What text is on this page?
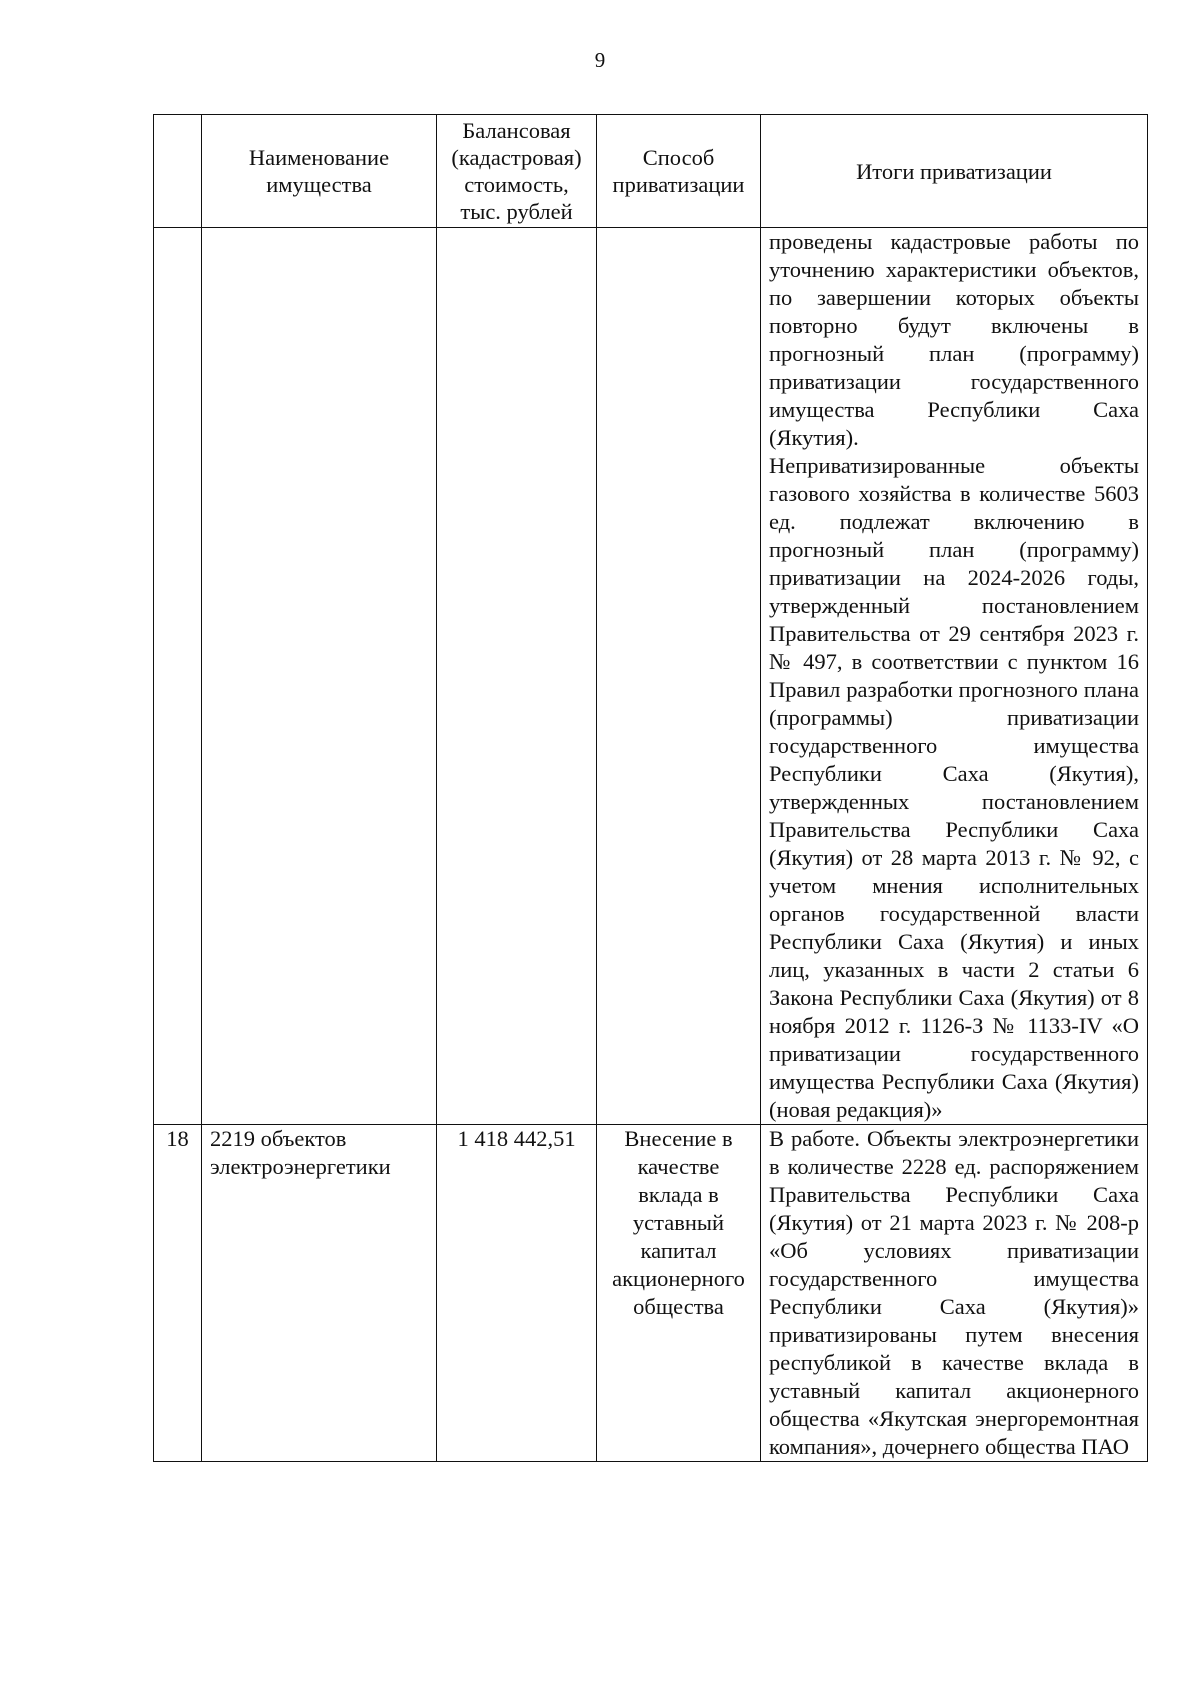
9
	Наименование имущества	Балансовая (кадастровая) стоимость, тыс. рублей	Способ приватизации	Итоги приватизации

				проведены кадастровые работы по уточнению характеристики объектов, по завершении которых объекты повторно будут включены в прогнозный план (программу) приватизации государственного имущества Республики Саха (Якутия).

Неприватизированные объекты газового хозяйства в количестве 5603 ед. подлежат включению в прогнозный план (программу) приватизации на 2024-2026 годы, утвержденный постановлением Правительства от 29 сентября 2023 г. № 497, в соответствии с пунктом 16 Правил разработки прогнозного плана (программы) приватизации государственного имущества Республики Саха (Якутия), утвержденных постановлением Правительства Республики Саха (Якутия) от 28 марта 2013 г. № 92, с учетом мнения исполнительных органов государственной власти Республики Саха (Якутия) и иных лиц, указанных в части 2 статьи 6 Закона Республики Саха (Якутия) от 8 ноября 2012 г. 1126-З № 1133-IV «О приватизации государственного имущества Республики Саха (Якутия) (новая редакция)»

18	2219 объектов электроэнергетики	1 418 442,51	Внесение в качестве вклада в уставный капитал акционерного общества	В работе. Объекты электроэнергетики в количестве 2228 ед. распоряжением Правительства Республики Саха (Якутия) от 21 марта 2023 г. № 208-р «Об условиях приватизации государственного имущества Республики Саха (Якутия)» приватизированы путем внесения республикой в качестве вклада в уставный капитал акционерного общества «Якутская энергоремонтная компания», дочернего общества ПАО
